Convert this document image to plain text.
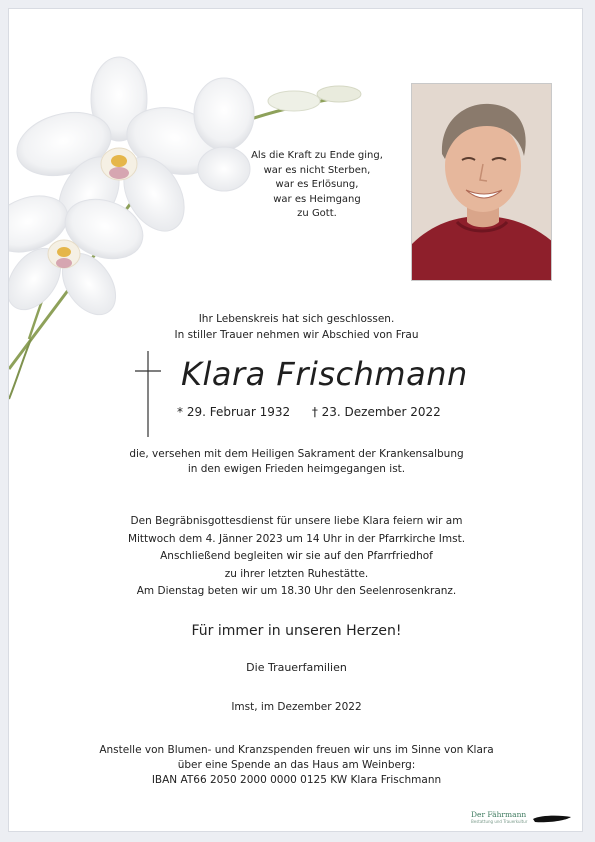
Als die Kraft zu Ende ging,
war es nicht Sterben,
war es Erlösung,
war es Heimgang
zu Gott.
Ihr Lebenskreis hat sich geschlossen.
In stiller Trauer nehmen wir Abschied von Frau
Klara Frischmann
* 29. Februar 1932 † 23. Dezember 2022
die, versehen mit dem Heiligen Sakrament der Krankensalbung
in den ewigen Frieden heimgegangen ist.
Den Begräbnisgottesdienst für unsere liebe Klara feiern wir am
Mittwoch dem 4. Jänner 2023 um 14 Uhr in der Pfarrkirche Imst.
Anschließend begleiten wir sie auf den Pfarrfriedhof
zu ihrer letzten Ruhestätte.
Am Dienstag beten wir um 18.30 Uhr den Seelenrosenkranz.
Für immer in unseren Herzen!
Die Trauerfamilien
Imst, im Dezember 2022
Anstelle von Blumen- und Kranzspenden freuen wir uns im Sinne von Klara
über eine Spende an das Haus am Weinberg:
IBAN AT66 2050 2000 0000 0125 KW Klara Frischmann
Der Fährmann
Bestattung und Trauerkultur
